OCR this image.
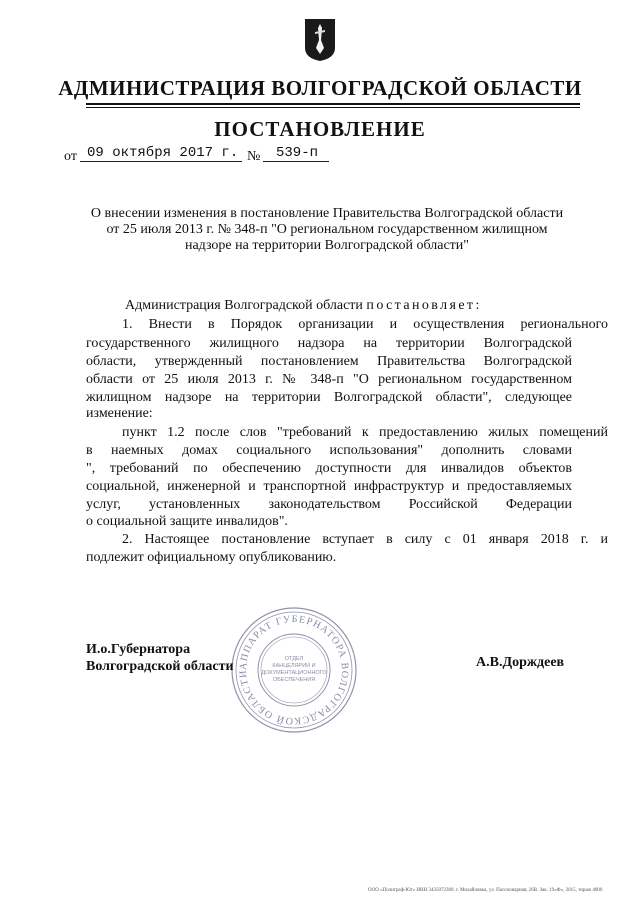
АДМИНИСТРАЦИЯ ВОЛГОГРАДСКОЙ ОБЛАСТИ
ПОСТАНОВЛЕНИЕ
от 09 октября 2017 г. №	539-п
О внесении изменения в постановление Правительства Волгоградской области
от 25 июля 2013 г. № 348-п "О региональном государственном жилищном
надзоре на территории Волгоградской области"
Администрация Волгоградской области постановляет:
1. Внести в Порядок организации и осуществления регионального
государственного жилищного надзора на территории Волгоградской
области, утвержденный постановлением Правительства Волгоградской
области от 25 июля 2013 г. № 348-п "О региональном государственном
жилищном надзоре на территории Волгоградской области", следующее
изменение:
пункт 1.2 после слов "требований к предоставлению жилых помещений
в наемных домах социального использования" дополнить словами
", требований по обеспечению доступности для инвалидов объектов
социальной, инженерной и транспортной инфраструктур и предоставляемых
услуг, установленных законодательством Российской Федерации
о социальной защите инвалидов".
2. Настоящее постановление вступает в силу с 01 января 2018 г. и
подлежит официальному опубликованию.
АППАРАТ ГУБЕРНАТОРА ВОЛГОГРАДСКОЙ ОБЛАСТИ
ОТДЕЛ
КАНЦЕЛЯРИИ И
ДОКУМЕНТАЦИОННОГО
ОБЕСПЕЧЕНИЯ
И.о.Губернатора
Волгоградской области	А.В.Дорждеев
ООО «Полиграф-Юг» ИНН 3435072300. г. Михайловка, ул. Пассионарная, 26В. Зак. 19«Ф», 2015, тираж 4000
